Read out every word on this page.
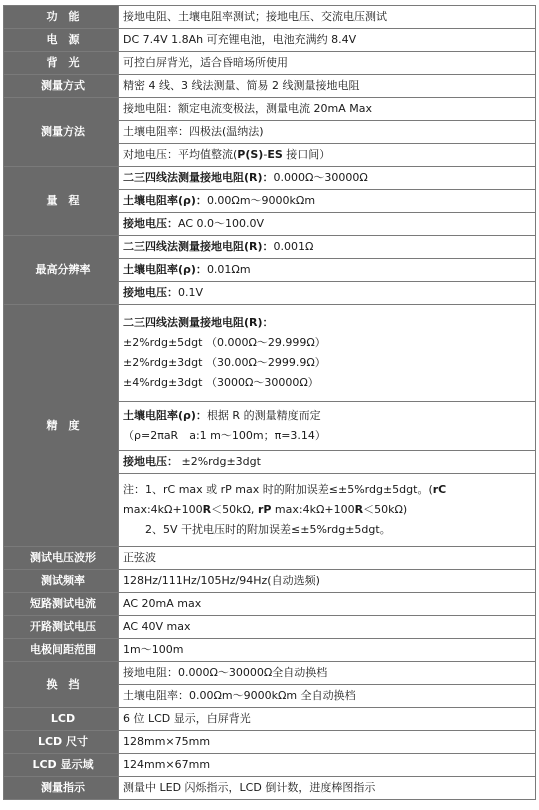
功　能	接地电阻、土壤电阻率测试；接地电压、交流电压测试
电　源	DC 7.4V 1.8Ah 可充锂电池，电池充满约 8.4V
背　光	可控白屏背光，适合昏暗场所使用
测量方式	精密 4 线、3 线法测量、简易 2 线测量接地电阻
测量方法	接地电阻：额定电流变极法，测量电流 20mA Max
	土壤电阻率：四极法(温纳法)
	对地电压：平均值整流(P(S)-ES 接口间）
量　程	二三四线法测量接地电阻(R)：0.000Ω～30000Ω
	土壤电阻率(ρ)：0.00Ωm～9000kΩm
	接地电压：AC 0.0～100.0V
最高分辨率	二三四线法测量接地电阻(R)：0.001Ω
	土壤电阻率(ρ)：0.01Ωm
	接地电压：0.1V
精　度	二三四线法测量接地电阻(R)：
±2%rdg±5dgt （0.000Ω～29.999Ω）
±2%rdg±3dgt （30.00Ω～2999.9Ω）
±4%rdg±3dgt （3000Ω～30000Ω）

	土壤电阻率(ρ)：根据 R 的测量精度而定
（ρ=2πaR　a:1 m～100m；π=3.14）

	接地电压： ±2%rdg±3dgt

	注：1、rC max 或 rP max 时的附加误差≤±5%rdg±5dgt。(rC
max:4kΩ+100R＜50kΩ, rP max:4kΩ+100R＜50kΩ)
2、5V 干扰电压时的附加误差≤±5%rdg±5dgt。

测试电压波形	正弦波
测试频率	128Hz/111Hz/105Hz/94Hz(自动选频)
短路测试电流	AC 20mA max
开路测试电压	AC 40V max
电极间距范围	1m～100m
换　挡	接地电阻：0.000Ω～30000Ω全自动换档
	土壤电阻率：0.00Ωm～9000kΩm 全自动换档
LCD	6 位 LCD 显示，白屏背光
LCD 尺寸	128mm×75mm
LCD 显示域	124mm×67mm
测量指示	测量中 LED 闪烁指示，LCD 倒计数，进度棒图指示
